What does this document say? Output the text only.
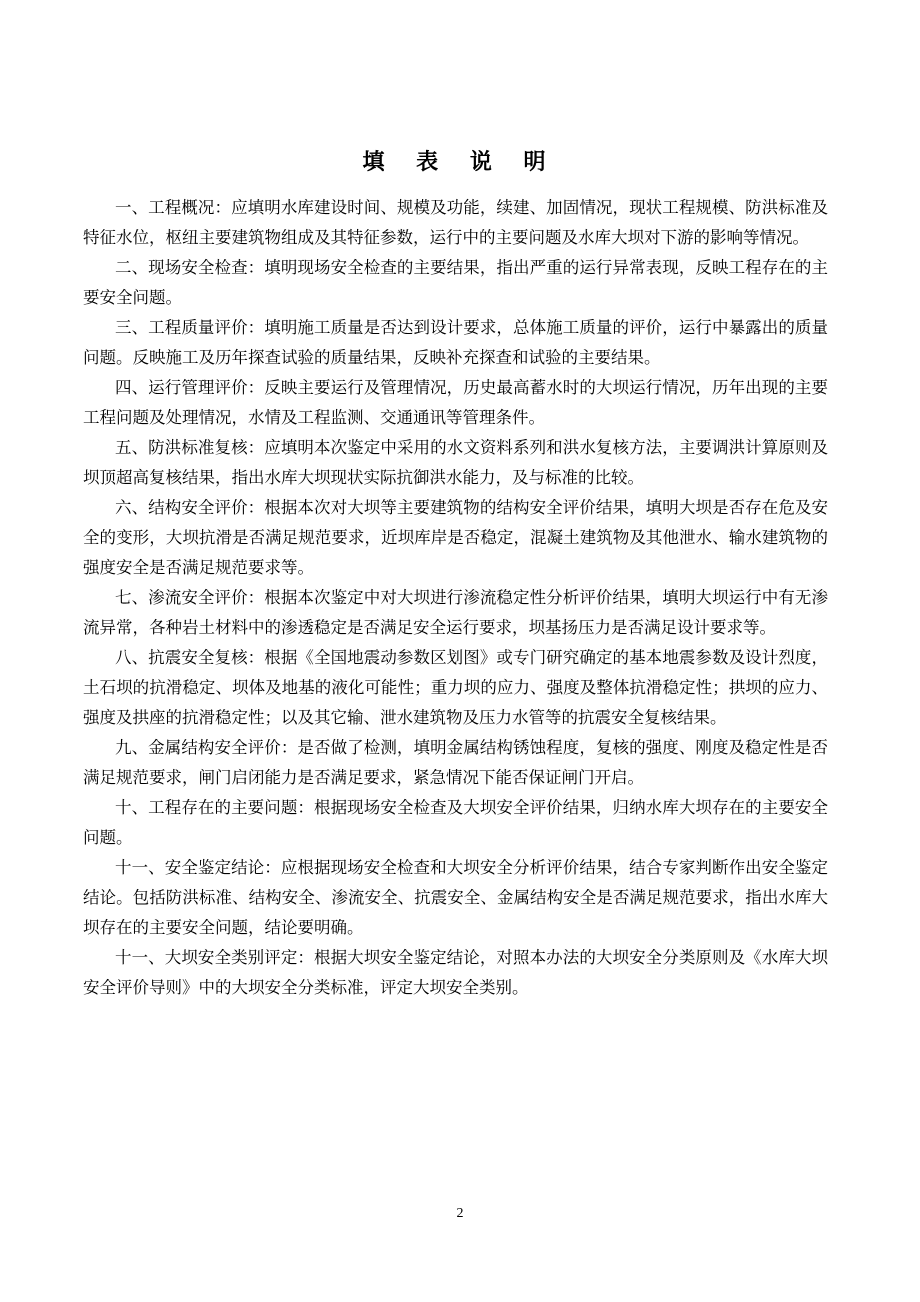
填 表 说 明

一、工程概况：应填明水库建设时间、规模及功能，续建、加固情况，现状工程规模、防洪标准及特征水位，枢纽主要建筑物组成及其特征参数，运行中的主要问题及水库大坝对下游的影响等情况。

二、现场安全检查：填明现场安全检查的主要结果，指出严重的运行异常表现，反映工程存在的主要安全问题。

三、工程质量评价：填明施工质量是否达到设计要求，总体施工质量的评价，运行中暴露出的质量问题。反映施工及历年探查试验的质量结果，反映补充探查和试验的主要结果。

四、运行管理评价：反映主要运行及管理情况，历史最高蓄水时的大坝运行情况，历年出现的主要工程问题及处理情况，水情及工程监测、交通通讯等管理条件。

五、防洪标准复核：应填明本次鉴定中采用的水文资料系列和洪水复核方法，主要调洪计算原则及坝顶超高复核结果，指出水库大坝现状实际抗御洪水能力，及与标准的比较。

六、结构安全评价：根据本次对大坝等主要建筑物的结构安全评价结果，填明大坝是否存在危及安全的变形，大坝抗滑是否满足规范要求，近坝库岸是否稳定，混凝土建筑物及其他泄水、输水建筑物的强度安全是否满足规范要求等。

七、渗流安全评价：根据本次鉴定中对大坝进行渗流稳定性分析评价结果，填明大坝运行中有无渗流异常，各种岩土材料中的渗透稳定是否满足安全运行要求，坝基扬压力是否满足设计要求等。

八、抗震安全复核：根据《全国地震动参数区划图》或专门研究确定的基本地震参数及设计烈度，土石坝的抗滑稳定、坝体及地基的液化可能性；重力坝的应力、强度及整体抗滑稳定性；拱坝的应力、强度及拱座的抗滑稳定性；以及其它输、泄水建筑物及压力水管等的抗震安全复核结果。

九、金属结构安全评价：是否做了检测，填明金属结构锈蚀程度，复核的强度、刚度及稳定性是否满足规范要求，闸门启闭能力是否满足要求，紧急情况下能否保证闸门开启。

十、工程存在的主要问题：根据现场安全检查及大坝安全评价结果，归纳水库大坝存在的主要安全问题。

十一、安全鉴定结论：应根据现场安全检查和大坝安全分析评价结果，结合专家判断作出安全鉴定结论。包括防洪标准、结构安全、渗流安全、抗震安全、金属结构安全是否满足规范要求，指出水库大坝存在的主要安全问题，结论要明确。

十一、大坝安全类别评定：根据大坝安全鉴定结论，对照本办法的大坝安全分类原则及《水库大坝安全评价导则》中的大坝安全分类标准，评定大坝安全类别。

2
